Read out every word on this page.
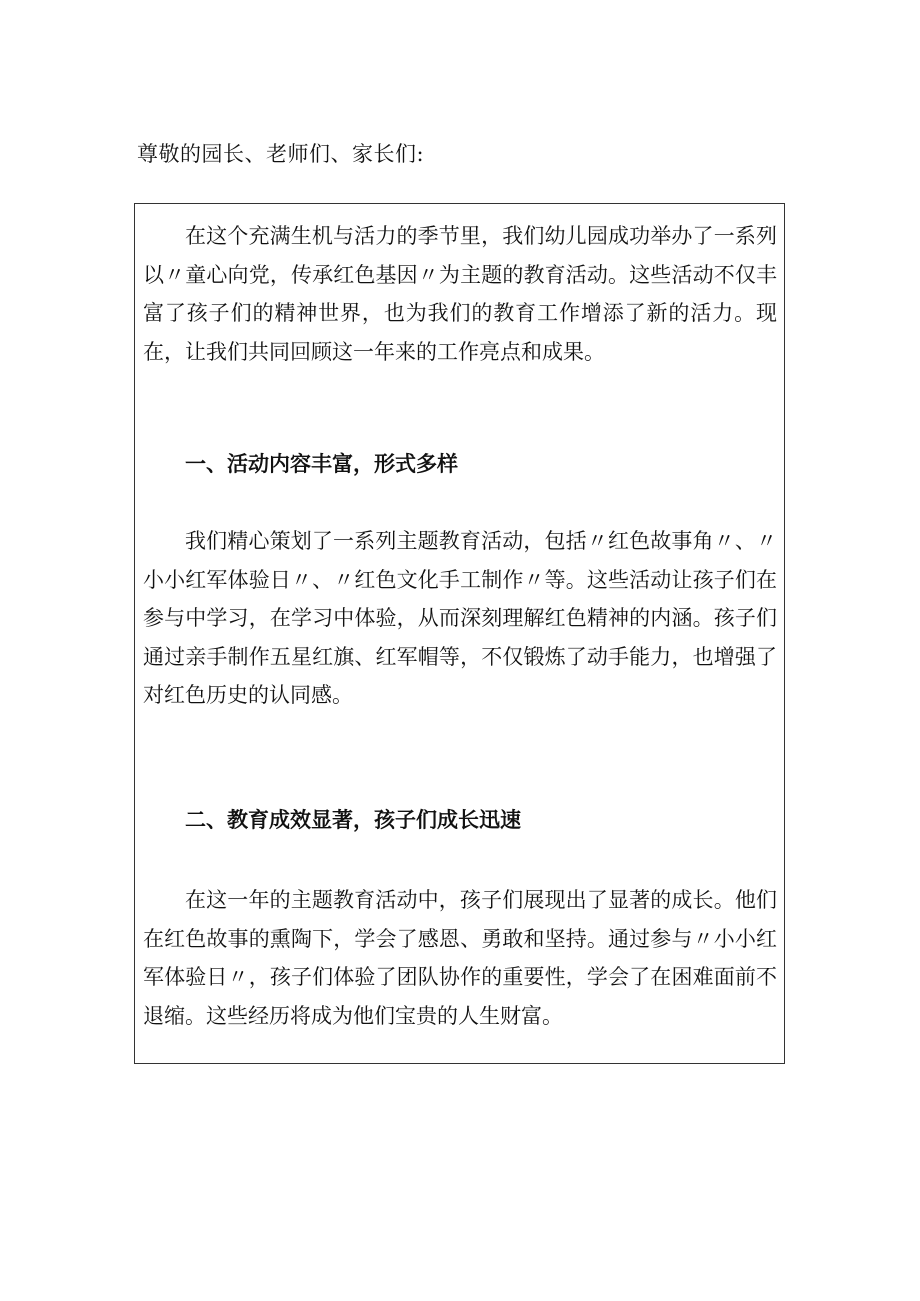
尊敬的园长、老师们、家长们:

在这个充满生机与活力的季节里，我们幼儿园成功举办了一系列以〃童心向党，传承红色基因〃为主题的教育活动。这些活动不仅丰富了孩子们的精神世界，也为我们的教育工作增添了新的活力。现在，让我们共同回顾这一年来的工作亮点和成果。

一、活动内容丰富，形式多样

我们精心策划了一系列主题教育活动，包括〃红色故事角〃、〃小小红军体验日〃、〃红色文化手工制作〃等。这些活动让孩子们在参与中学习，在学习中体验，从而深刻理解红色精神的内涵。孩子们通过亲手制作五星红旗、红军帽等，不仅锻炼了动手能力，也增强了对红色历史的认同感。

二、教育成效显著，孩子们成长迅速

在这一年的主题教育活动中，孩子们展现出了显著的成长。他们在红色故事的熏陶下，学会了感恩、勇敢和坚持。通过参与〃小小红军体验日〃，孩子们体验了团队协作的重要性，学会了在困难面前不退缩。这些经历将成为他们宝贵的人生财富。
